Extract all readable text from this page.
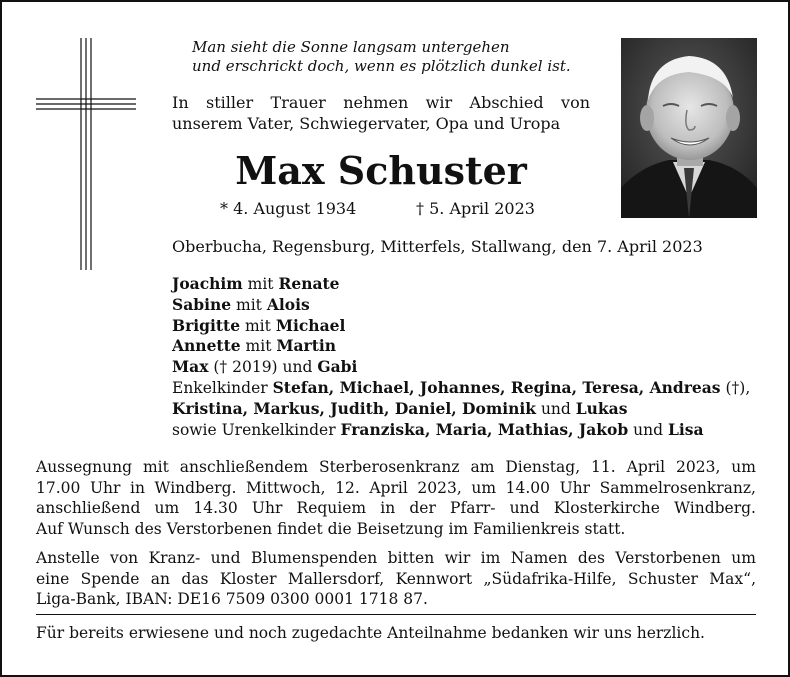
Man sieht die Sonne langsam untergehen
und erschrickt doch, wenn es plötzlich dunkel ist.
In stiller Trauer nehmen wir Abschied von
unserem Vater, Schwiegervater, Opa und Uropa
Max Schuster
* 4. August 1934	† 5. April 2023
Oberbucha, Regensburg, Mitterfels, Stallwang, den 7. April 2023
Joachim mit Renate
Sabine mit Alois
Brigitte mit Michael
Annette mit Martin
Max († 2019) und Gabi
Enkelkinder Stefan, Michael, Johannes, Regina, Teresa, Andreas (†),
Kristina, Markus, Judith, Daniel, Dominik und Lukas
sowie Urenkelkinder Franziska, Maria, Mathias, Jakob und Lisa
Aussegnung mit anschließendem Sterberosenkranz am Dienstag, 11. April 2023, um
17.00 Uhr in Windberg. Mittwoch, 12. April 2023, um 14.00 Uhr Sammelrosenkranz,
anschließend um 14.30 Uhr Requiem in der Pfarr- und Klosterkirche Windberg.
Auf Wunsch des Verstorbenen findet die Beisetzung im Familienkreis statt.
Anstelle von Kranz- und Blumenspenden bitten wir im Namen des Verstorbenen um
eine Spende an das Kloster Mallersdorf, Kennwort „Südafrika-Hilfe, Schuster Max“,
Liga-Bank, IBAN: DE16 7509 0300 0001 1718 87.
Für bereits erwiesene und noch zugedachte Anteilnahme bedanken wir uns herzlich.
